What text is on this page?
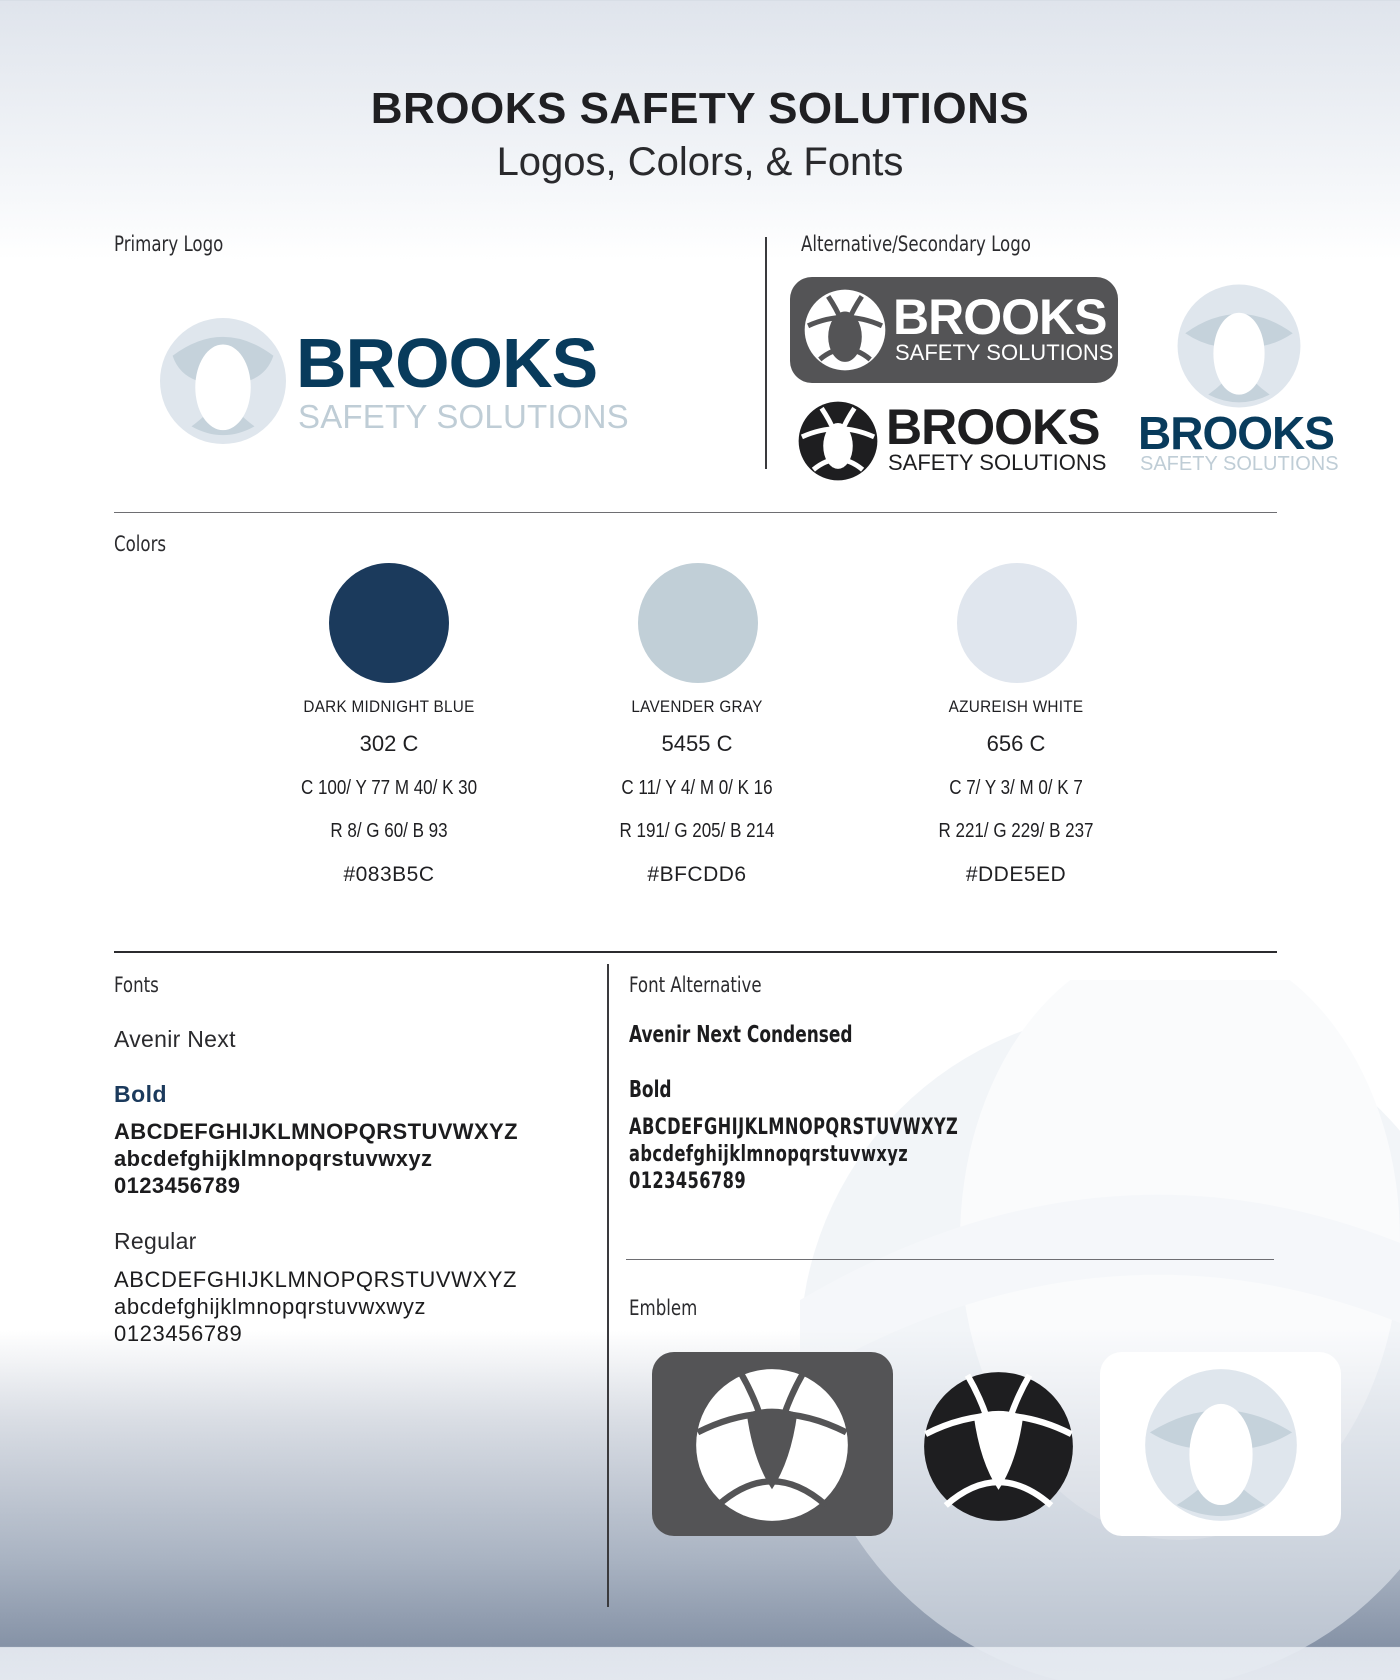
BROOKS SAFETY SOLUTIONS
Logos, Colors, & Fonts
Primary Logo
BROOKS
SAFETY SOLUTIONS
Alternative/Secondary Logo
BROOKS
SAFETY SOLUTIONS
BROOKS
SAFETY SOLUTIONS
BROOKS
SAFETY SOLUTIONS
Colors
DARK MIDNIGHT BLUE
302 C
C 100/ Y 77 M 40/ K 30
R 8/ G 60/ B 93
#083B5C
LAVENDER GRAY
5455 C
C 11/ Y 4/ M 0/ K 16
R 191/ G 205/ B 214
#BFCDD6
AZUREISH WHITE
656 C
C 7/ Y 3/ M 0/ K 7
R 221/ G 229/ B 237
#DDE5ED
Fonts
Avenir Next
Bold
ABCDEFGHIJKLMNOPQRSTUVWXYZ
abcdefghijklmnopqrstuvwxyz
0123456789
Regular
ABCDEFGHIJKLMNOPQRSTUVWXYZ
abcdefghijklmnopqrstuvwxwyz
0123456789
Font Alternative
Avenir Next Condensed
Bold
ABCDEFGHIJKLMNOPQRSTUVWXYZ
abcdefghijklmnopqrstuvwxyz
0123456789
Emblem
